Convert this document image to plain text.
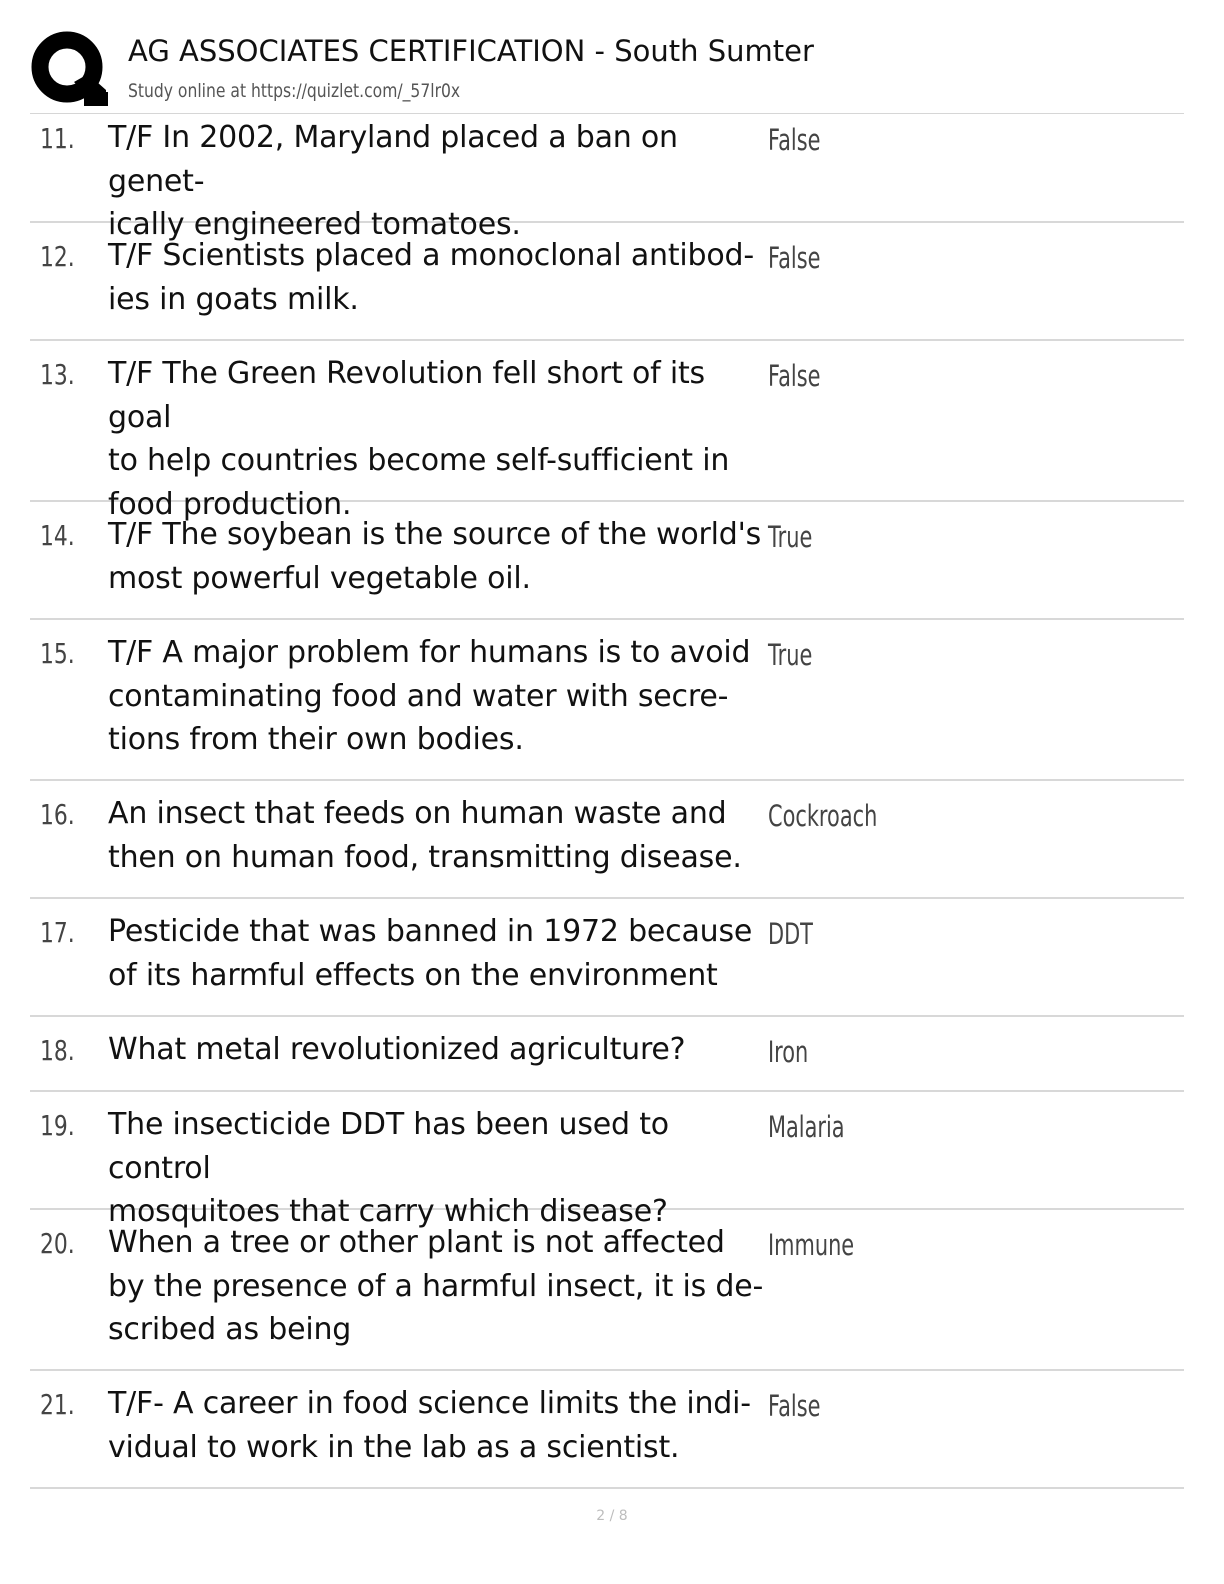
AG ASSOCIATES CERTIFICATION - South Sumter
Study online at https://quizlet.com/_57lr0x
11. T/F In 2002, Maryland placed a ban on genet-
ically engineered tomatoes.
False
12. T/F Scientists placed a monoclonal antibod-
ies in goats milk.
False
13. T/F The Green Revolution fell short of its goal
to help countries become self-sufficient in
food production.
False
14. T/F The soybean is the source of the world's
most powerful vegetable oil.
True
15. T/F A major problem for humans is to avoid
contaminating food and water with secre-
tions from their own bodies.
True
16. An insect that feeds on human waste and
then on human food, transmitting disease.
Cockroach
17. Pesticide that was banned in 1972 because
of its harmful effects on the environment
DDT
18. What metal revolutionized agriculture?	Iron
19. The insecticide DDT has been used to control
mosquitoes that carry which disease?
Malaria
20. When a tree or other plant is not affected
by the presence of a harmful insect, it is de-
scribed as being
Immune
21. T/F- A career in food science limits the indi-
vidual to work in the lab as a scientist.
False
2 / 8
